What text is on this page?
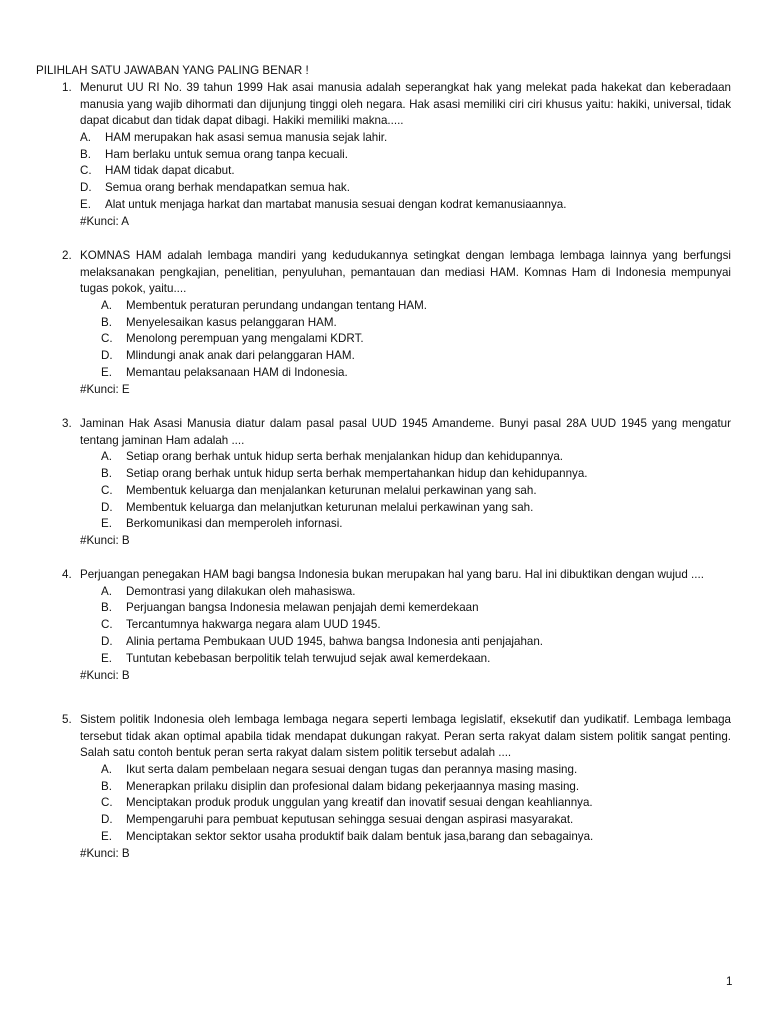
PILIHLAH SATU JAWABAN YANG PALING BENAR !
1. Menurut UU RI No. 39 tahun 1999 Hak asai manusia adalah seperangkat hak yang melekat pada hakekat dan keberadaan manusia yang wajib dihormati dan dijunjung tinggi oleh negara. Hak asasi memiliki ciri ciri khusus yaitu: hakiki, universal, tidak dapat dicabut dan tidak dapat dibagi. Hakiki memiliki makna.....
A. HAM merupakan hak asasi semua manusia sejak lahir.
B. Ham berlaku untuk semua orang tanpa kecuali.
C. HAM tidak dapat dicabut.
D. Semua orang berhak mendapatkan semua hak.
E. Alat untuk menjaga harkat dan martabat manusia sesuai dengan kodrat kemanusiaannya.
#Kunci: A
2. KOMNAS HAM adalah lembaga mandiri yang kedudukannya setingkat dengan lembaga lembaga lainnya yang berfungsi melaksanakan pengkajian, penelitian, penyuluhan, pemantauan dan mediasi HAM. Komnas Ham di Indonesia mempunyai tugas pokok, yaitu....
A. Membentuk peraturan perundang undangan tentang HAM.
B. Menyelesaikan kasus pelanggaran HAM.
C. Menolong perempuan yang mengalami KDRT.
D. Mlindungi anak anak dari pelanggaran HAM.
E. Memantau pelaksanaan HAM di Indonesia.
#Kunci: E
3. Jaminan Hak Asasi Manusia diatur dalam pasal pasal UUD 1945 Amandeme. Bunyi pasal 28A UUD 1945 yang mengatur tentang jaminan Ham adalah ....
A. Setiap orang berhak untuk hidup serta berhak menjalankan hidup dan kehidupannya.
B. Setiap orang berhak untuk hidup serta berhak mempertahankan hidup dan kehidupannya.
C. Membentuk keluarga dan menjalankan keturunan melalui perkawinan yang sah.
D. Membentuk keluarga dan melanjutkan keturunan melalui perkawinan yang sah.
E. Berkomunikasi dan memperoleh infornasi.
#Kunci: B
4. Perjuangan penegakan HAM bagi bangsa Indonesia bukan merupakan hal yang baru. Hal ini dibuktikan dengan wujud ....
A. Demontrasi yang dilakukan oleh mahasiswa.
B. Perjuangan bangsa Indonesia melawan penjajah demi kemerdekaan
C. Tercantumnya hakwarga negara alam UUD 1945.
D. Alinia pertama Pembukaan UUD 1945, bahwa bangsa Indonesia anti penjajahan.
E. Tuntutan kebebasan berpolitik telah terwujud sejak awal kemerdekaan.
#Kunci: B
5. Sistem politik Indonesia oleh lembaga lembaga negara seperti lembaga legislatif, eksekutif dan yudikatif. Lembaga lembaga tersebut tidak akan optimal apabila tidak mendapat dukungan rakyat. Peran serta rakyat dalam sistem politik sangat penting. Salah satu contoh bentuk peran serta rakyat dalam sistem politik tersebut adalah ....
A. Ikut serta dalam pembelaan negara sesuai dengan tugas dan perannya masing masing.
B. Menerapkan prilaku disiplin dan profesional dalam bidang pekerjaannya masing masing.
C. Menciptakan produk produk unggulan yang kreatif dan inovatif sesuai dengan keahliannya.
D. Mempengaruhi para pembuat keputusan sehingga sesuai dengan aspirasi masyarakat.
E. Menciptakan sektor sektor usaha produktif baik dalam bentuk jasa,barang dan sebagainya.
#Kunci: B
1
